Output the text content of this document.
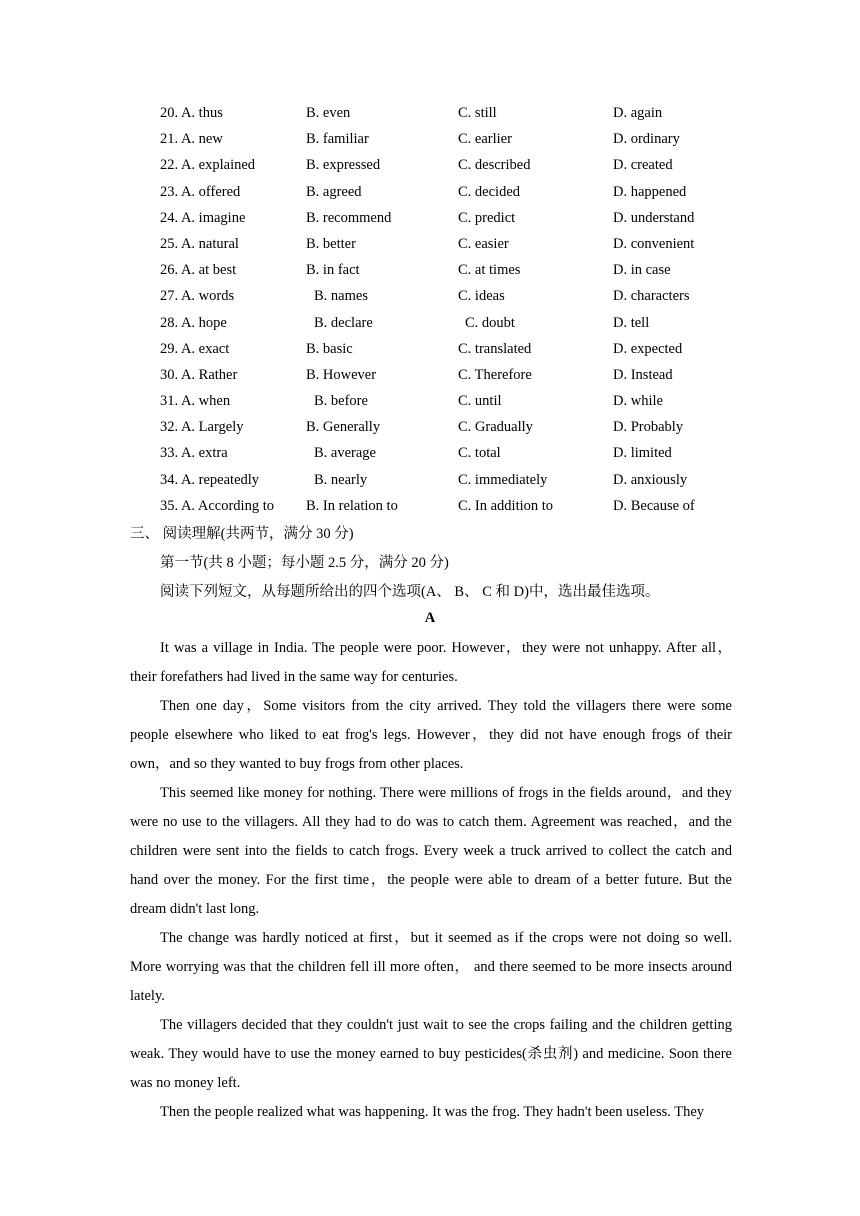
20. A. thus	B. even	C. still	D. again
21. A. new	B. familiar	C. earlier	D. ordinary
22. A. explained	B. expressed	C. described	D. created
23. A. offered	B. agreed	C. decided	D. happened
24. A. imagine	B. recommend	C. predict	D. understand
25. A. natural	B. better	C. easier	D. convenient
26. A. at best	B. in fact	C. at times	D. in case
27. A. words	B. names	C. ideas	D. characters
28. A. hope	B. declare	C. doubt	D. tell
29. A. exact	B. basic	C. translated	D. expected
30. A. Rather	B. However	C. Therefore	D. Instead
31. A. when	B. before	C. until	D. while
32. A. Largely	B. Generally	C. Gradually	D. Probably
33. A. extra	B. average	C. total	D. limited
34. A. repeatedly	B. nearly	C. immediately	D. anxiously
35. A. According to B. In relation to	C. In addition to	D. Because of
三、 阅读理解(共两节，满分 30 分)
第一节(共 8 小题；每小题 2.5 分，满分 20 分)
阅读下列短文，从每题所给出的四个选项(A、 B、 C 和 D)中，选出最佳选项。
A

It was a village in India. The people were poor. However，they were not unhappy. After all，their forefathers had lived in the same way for centuries.

Then one day，Some visitors from the city arrived. They told the villagers there were some people elsewhere who liked to eat frog's legs. However，they did not have enough frogs of their own，and so they wanted to buy frogs from other places.

This seemed like money for nothing. There were millions of frogs in the fields around，and they were no use to the villagers. All they had to do was to catch them. Agreement was reached，and the children were sent into the fields to catch frogs. Every week a truck arrived to collect the catch and hand over the money. For the first time，the people were able to dream of a better future. But the dream didn't last long.

The change was hardly noticed at first，but it seemed as if the crops were not doing so well. More worrying was that the children fell ill more often， and there seemed to be more insects around lately.

The villagers decided that they couldn't just wait to see the crops failing and the children getting weak. They would have to use the money earned to buy pesticides(杀虫剂) and medicine. Soon there was no money left.

Then the people realized what was happening. It was the frog. They hadn't been useless. They
